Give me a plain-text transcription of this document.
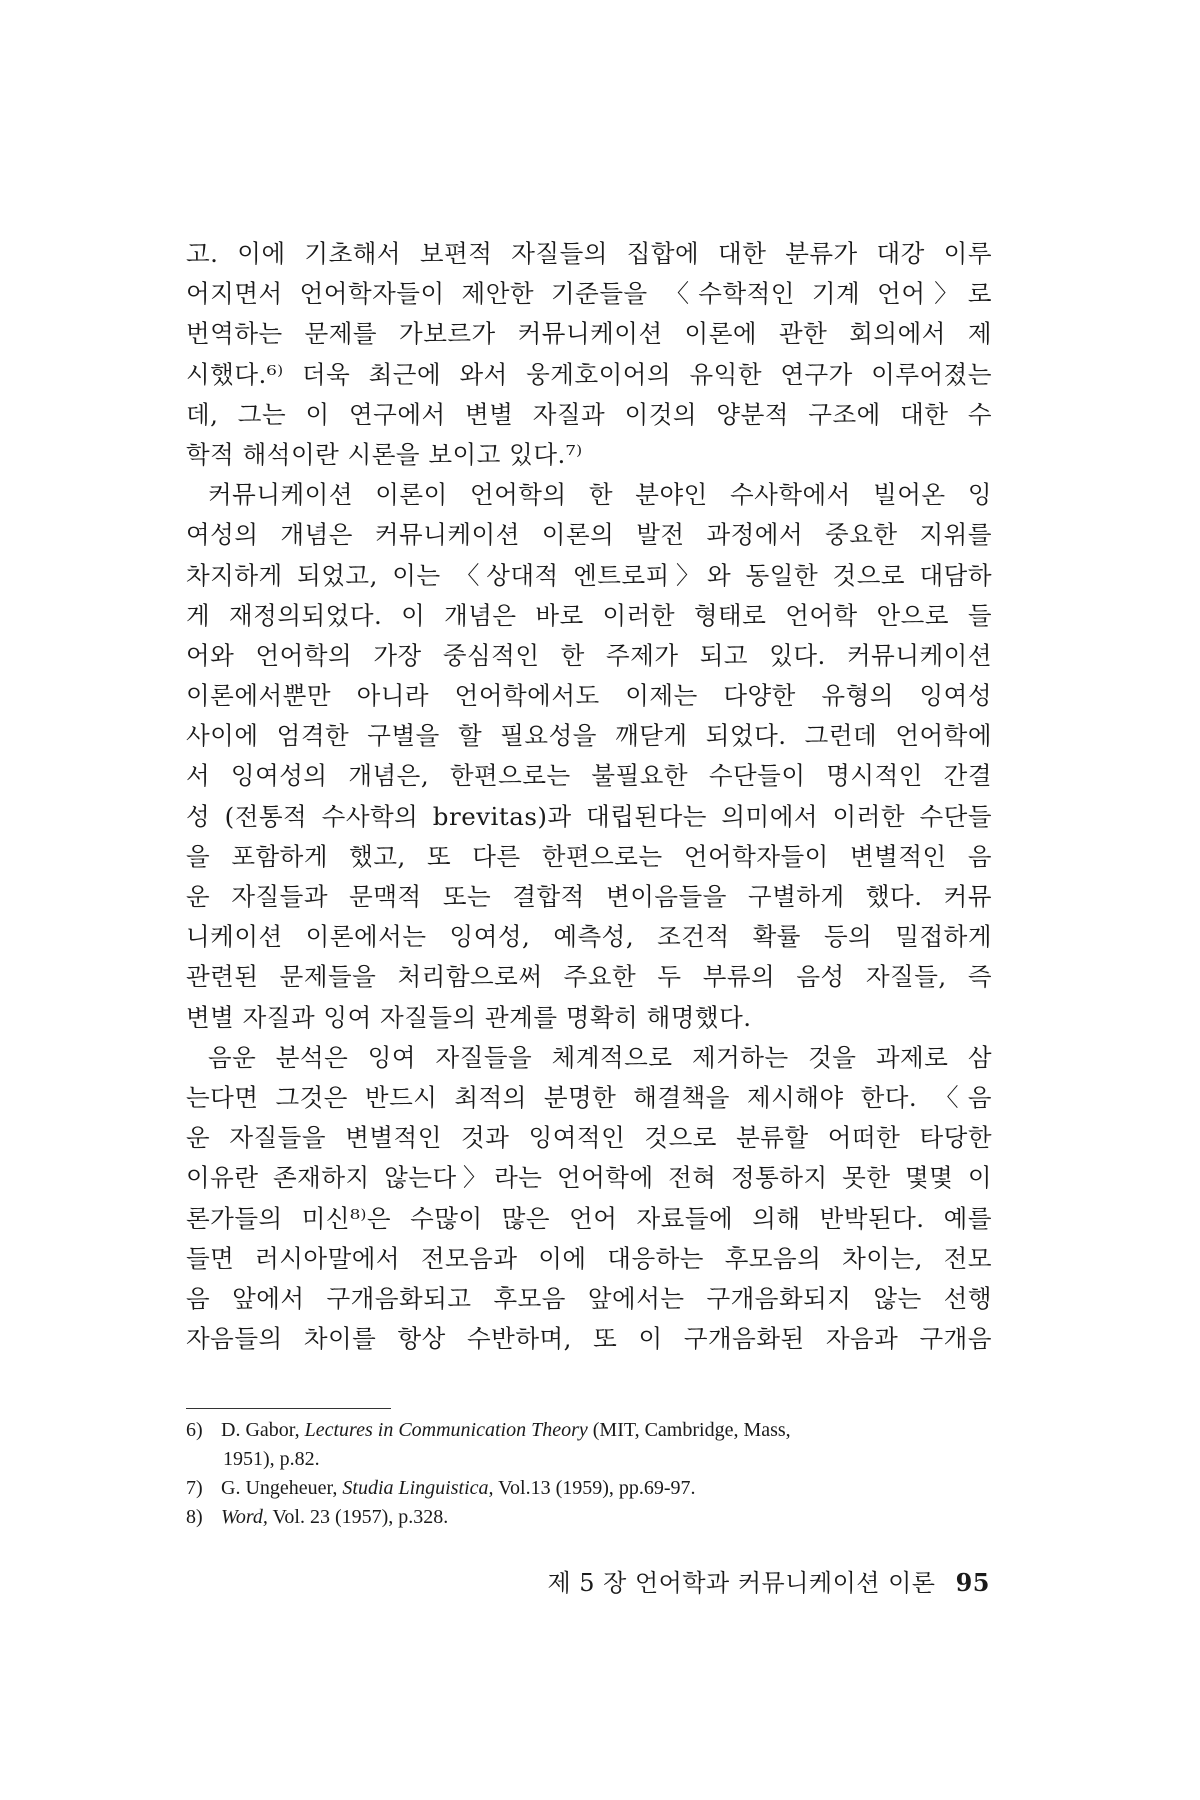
고. 이에 기초해서 보편적 자질들의 집합에 대한 분류가 대강 이루
어지면서 언어학자들이 제안한 기준들을 〈수학적인 기계 언어〉로
번역하는 문제를 가보르가 커뮤니케이션 이론에 관한 회의에서 제
시했다.⁶⁾ 더욱 최근에 와서 웅게호이어의 유익한 연구가 이루어졌는
데, 그는 이 연구에서 변별 자질과 이것의 양분적 구조에 대한 수
학적 해석이란 시론을 보이고 있다.⁷⁾
커뮤니케이션 이론이 언어학의 한 분야인 수사학에서 빌어온 잉
여성의 개념은 커뮤니케이션 이론의 발전 과정에서 중요한 지위를
차지하게 되었고, 이는 〈상대적 엔트로피〉와 동일한 것으로 대담하
게 재정의되었다. 이 개념은 바로 이러한 형태로 언어학 안으로 들
어와 언어학의 가장 중심적인 한 주제가 되고 있다. 커뮤니케이션
이론에서뿐만 아니라 언어학에서도 이제는 다양한 유형의 잉여성
사이에 엄격한 구별을 할 필요성을 깨닫게 되었다. 그런데 언어학에
서 잉여성의 개념은, 한편으로는 불필요한 수단들이 명시적인 간결
성 (전통적 수사학의 brevitas)과 대립된다는 의미에서 이러한 수단들
을 포함하게 했고, 또 다른 한편으로는 언어학자들이 변별적인 음
운 자질들과 문맥적 또는 결합적 변이음들을 구별하게 했다. 커뮤
니케이션 이론에서는 잉여성, 예측성, 조건적 확률 등의 밀접하게
관련된 문제들을 처리함으로써 주요한 두 부류의 음성 자질들, 즉
변별 자질과 잉여 자질들의 관계를 명확히 해명했다.
음운 분석은 잉여 자질들을 체계적으로 제거하는 것을 과제로 삼
는다면 그것은 반드시 최적의 분명한 해결책을 제시해야 한다. 〈음
운 자질들을 변별적인 것과 잉여적인 것으로 분류할 어떠한 타당한
이유란 존재하지 않는다〉라는 언어학에 전혀 정통하지 못한 몇몇 이
론가들의 미신⁸⁾은 수많이 많은 언어 자료들에 의해 반박된다. 예를
들면 러시아말에서 전모음과 이에 대응하는 후모음의 차이는, 전모
음 앞에서 구개음화되고 후모음 앞에서는 구개음화되지 않는 선행
자음들의 차이를 항상 수반하며, 또 이 구개음화된 자음과 구개음
6) D. Gabor, Lectures in Communication Theory (MIT, Cambridge, Mass,
1951), p.82.
7) G. Ungeheuer, Studia Linguistica, Vol.13 (1959), pp.69-97.
8) Word, Vol. 23 (1957), p.328.
제 5 장 언어학과 커뮤니케이션 이론 95
